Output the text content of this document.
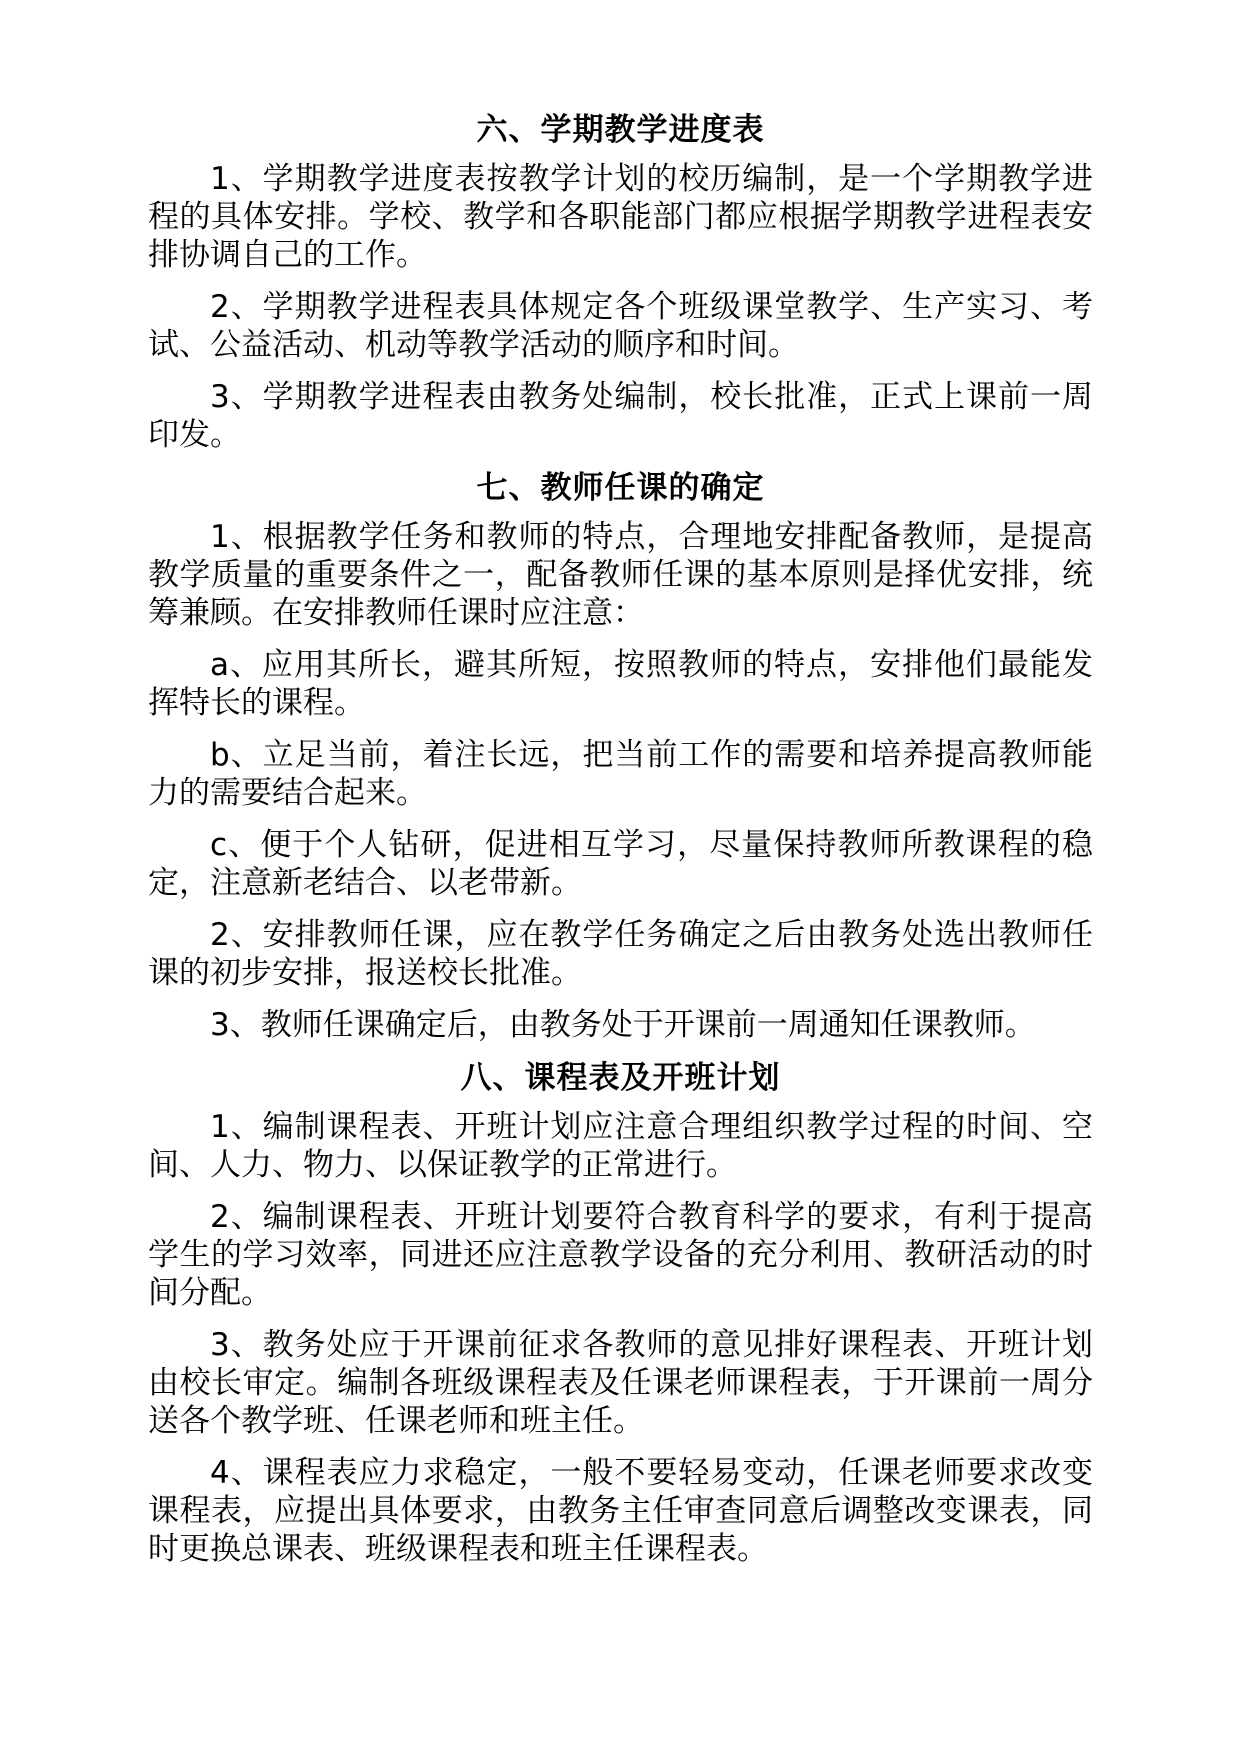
六、学期教学进度表

1、学期教学进度表按教学计划的校历编制，是一个学期教学进程的具体安排。学校、教学和各职能部门都应根据学期教学进程表安排协调自己的工作。

2、学期教学进程表具体规定各个班级课堂教学、生产实习、考试、公益活动、机动等教学活动的顺序和时间。

3、学期教学进程表由教务处编制，校长批准，正式上课前一周印发。

七、教师任课的确定

1、根据教学任务和教师的特点，合理地安排配备教师，是提高教学质量的重要条件之一，配备教师任课的基本原则是择优安排，统筹兼顾。在安排教师任课时应注意：

a、应用其所长，避其所短，按照教师的特点，安排他们最能发挥特长的课程。

b、立足当前，着注长远，把当前工作的需要和培养提高教师能力的需要结合起来。

c、便于个人钻研，促进相互学习，尽量保持教师所教课程的稳定，注意新老结合、以老带新。

2、安排教师任课，应在教学任务确定之后由教务处选出教师任课的初步安排，报送校长批准。

3、教师任课确定后，由教务处于开课前一周通知任课教师。

八、课程表及开班计划

1、编制课程表、开班计划应注意合理组织教学过程的时间、空间、人力、物力、以保证教学的正常进行。

2、编制课程表、开班计划要符合教育科学的要求，有利于提高学生的学习效率，同进还应注意教学设备的充分利用、教研活动的时间分配。

3、教务处应于开课前征求各教师的意见排好课程表、开班计划由校长审定。编制各班级课程表及任课老师课程表，于开课前一周分送各个教学班、任课老师和班主任。

4、课程表应力求稳定，一般不要轻易变动，任课老师要求改变课程表，应提出具体要求，由教务主任审查同意后调整改变课表，同时更换总课表、班级课程表和班主任课程表。
